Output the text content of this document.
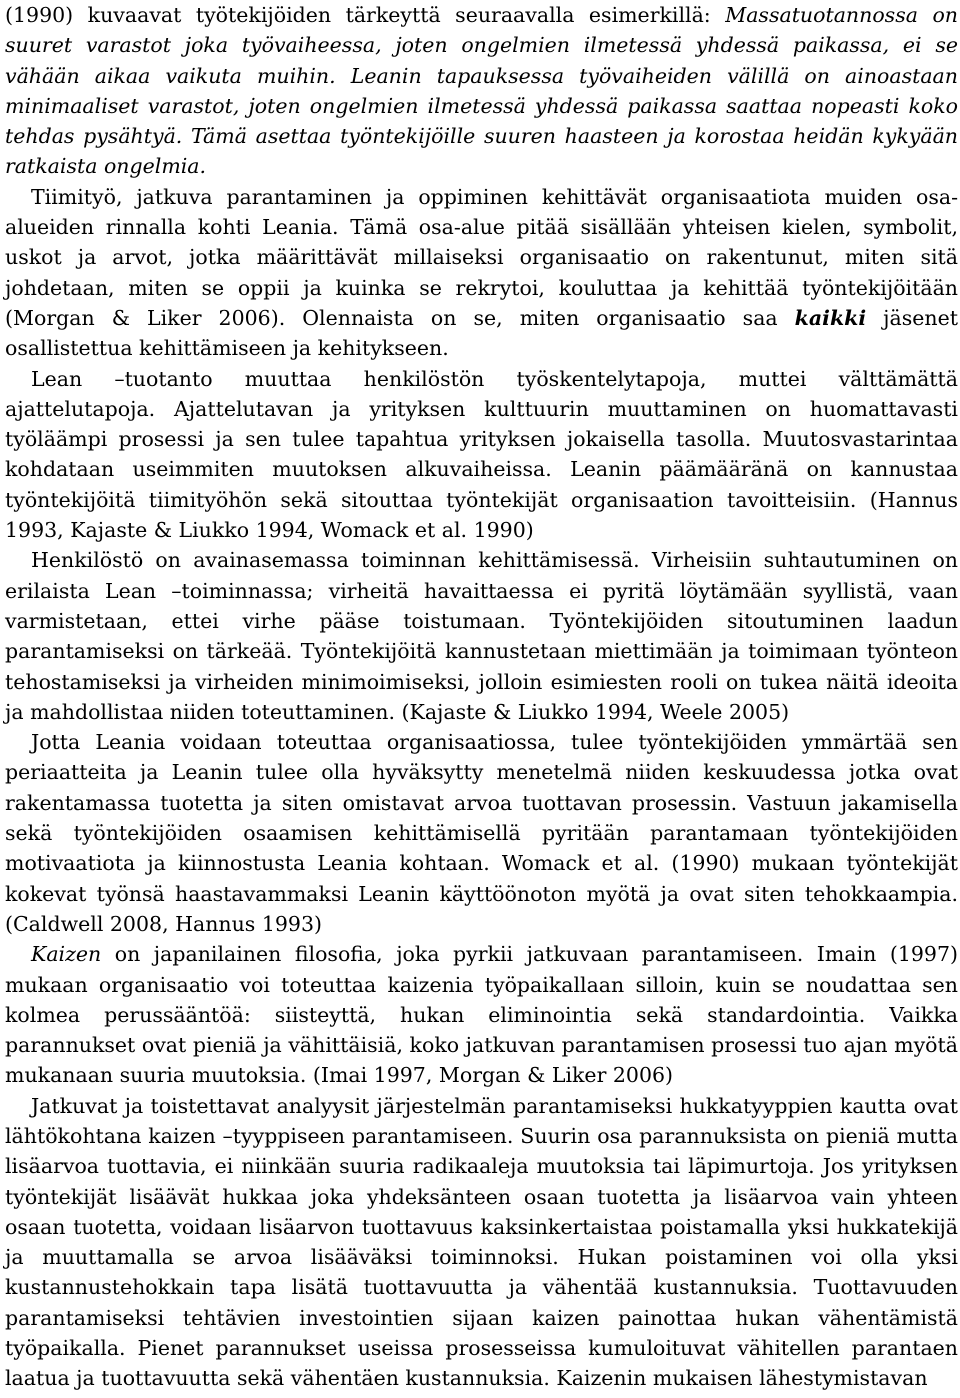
(1990) kuvaavat työtekijöiden tärkeyttä seuraavalla esimerkillä: Massatuotannossa on suuret varastot joka työvaiheessa, joten ongelmien ilmetessä yhdessä paikassa, ei se vähään aikaa vaikuta muihin. Leanin tapauksessa työvaiheiden välillä on ainoastaan minimaaliset varastot, joten ongelmien ilmetessä yhdessä paikassa saattaa nopeasti koko tehdas pysähtyä. Tämä asettaa työntekijöille suuren haasteen ja korostaa heidän kykyään ratkaista ongelmia.

Tiimityö, jatkuva parantaminen ja oppiminen kehittävät organisaatiota muiden osa-alueiden rinnalla kohti Leania. Tämä osa-alue pitää sisällään yhteisen kielen, symbolit, uskot ja arvot, jotka määrittävät millaiseksi organisaatio on rakentunut, miten sitä johdetaan, miten se oppii ja kuinka se rekrytoi, kouluttaa ja kehittää työntekijöitään (Morgan & Liker 2006). Olennaista on se, miten organisaatio saa kaikki jäsenet osallistettua kehittämiseen ja kehitykseen.

Lean –tuotanto muuttaa henkilöstön työskentelytapoja, muttei välttämättä ajattelutapoja. Ajattelutavan ja yrityksen kulttuurin muuttaminen on huomattavasti työläämpi prosessi ja sen tulee tapahtua yrityksen jokaisella tasolla. Muutosvastarintaa kohdataan useimmiten muutoksen alkuvaiheissa. Leanin päämääränä on kannustaa työntekijöitä tiimityöhön sekä sitouttaa työntekijät organisaation tavoitteisiin. (Hannus 1993, Kajaste & Liukko 1994, Womack et al. 1990)

Henkilöstö on avainasemassa toiminnan kehittämisessä. Virheisiin suhtautuminen on erilaista Lean –toiminnassa; virheitä havaittaessa ei pyritä löytämään syyllistä, vaan varmistetaan, ettei virhe pääse toistumaan. Työntekijöiden sitoutuminen laadun parantamiseksi on tärkeää. Työntekijöitä kannustetaan miettimään ja toimimaan työnteon tehostamiseksi ja virheiden minimoimiseksi, jolloin esimiesten rooli on tukea näitä ideoita ja mahdollistaa niiden toteuttaminen. (Kajaste & Liukko 1994, Weele 2005)

Jotta Leania voidaan toteuttaa organisaatiossa, tulee työntekijöiden ymmärtää sen periaatteita ja Leanin tulee olla hyväksytty menetelmä niiden keskuudessa jotka ovat rakentamassa tuotetta ja siten omistavat arvoa tuottavan prosessin. Vastuun jakamisella sekä työntekijöiden osaamisen kehittämisellä pyritään parantamaan työntekijöiden motivaatiota ja kiinnostusta Leania kohtaan. Womack et al. (1990) mukaan työntekijät kokevat työnsä haastavammaksi Leanin käyttöönoton myötä ja ovat siten tehokkaampia. (Caldwell 2008, Hannus 1993)

Kaizen on japanilainen filosofia, joka pyrkii jatkuvaan parantamiseen. Imain (1997) mukaan organisaatio voi toteuttaa kaizenia työpaikallaan silloin, kuin se noudattaa sen kolmea perussääntöä: siisteyttä, hukan eliminointia sekä standardointia. Vaikka parannukset ovat pieniä ja vähittäisiä, koko jatkuvan parantamisen prosessi tuo ajan myötä mukanaan suuria muutoksia. (Imai 1997, Morgan & Liker 2006)

Jatkuvat ja toistettavat analyysit järjestelmän parantamiseksi hukkatyyppien kautta ovat lähtökohtana kaizen –tyyppiseen parantamiseen. Suurin osa parannuksista on pieniä mutta lisäarvoa tuottavia, ei niinkään suuria radikaaleja muutoksia tai läpimurtoja. Jos yrityksen työntekijät lisäävät hukkaa joka yhdeksänteen osaan tuotetta ja lisäarvoa vain yhteen osaan tuotetta, voidaan lisäarvon tuottavuus kaksinkertaistaa poistamalla yksi hukkatekijä ja muuttamalla se arvoa lisääväksi toiminnoksi. Hukan poistaminen voi olla yksi kustannustehokkain tapa lisätä tuottavuutta ja vähentää kustannuksia. Tuottavuuden parantamiseksi tehtävien investointien sijaan kaizen painottaa hukan vähentämistä työpaikalla. Pienet parannukset useissa prosesseissa kumuloituvat vähitellen parantaen laatua ja tuottavuutta sekä vähentäen kustannuksia. Kaizenin mukaisen lähestymistavan
